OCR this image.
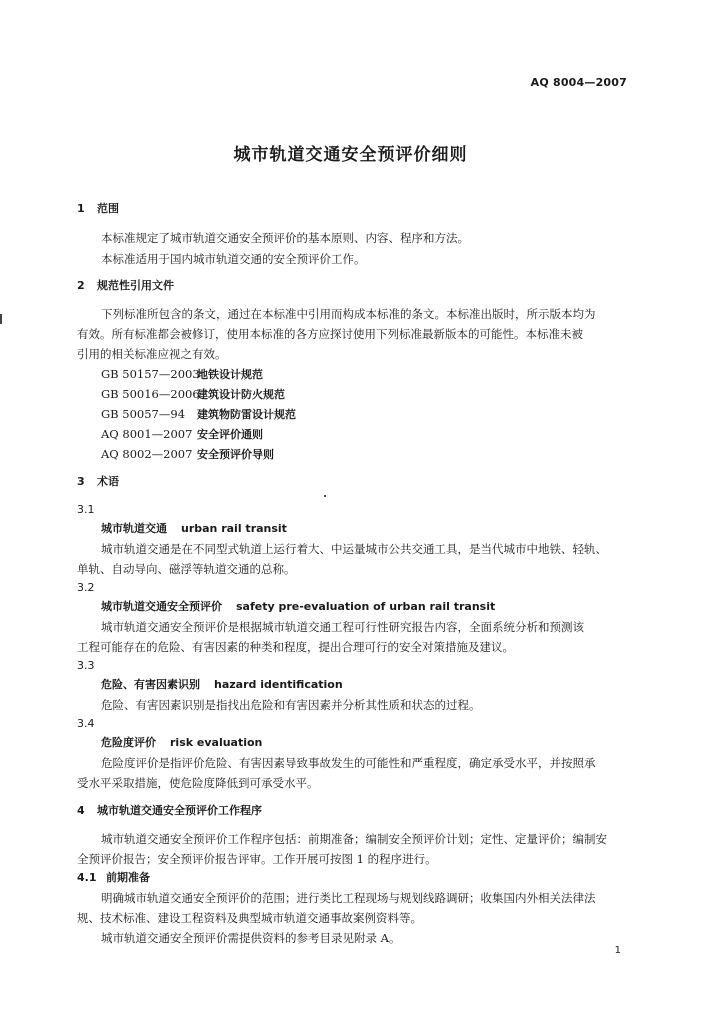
AQ 8004—2007
城市轨道交通安全预评价细则
1 范围
本标准规定了城市轨道交通安全预评价的基本原则、内容、程序和方法。
本标准适用于国内城市轨道交通的安全预评价工作。
2 规范性引用文件
下列标准所包含的条文，通过在本标准中引用而构成本标准的条文。本标准出版时，所示版本均为
有效。所有标准都会被修订，使用本标准的各方应探讨使用下列标准最新版本的可能性。本标准未被
引用的相关标准应视之有效。
GB 50157—2003地铁设计规范
GB 50016—2006建筑设计防火规范
GB 50057—94 建筑物防雷设计规范
AQ 8001—2007 安全评价通则
AQ 8002—2007 安全预评价导则
3 术语
3.1
城市轨道交通 urban rail transit
城市轨道交通是在不同型式轨道上运行着大、中运量城市公共交通工具，是当代城市中地铁、轻轨、
单轨、自动导向、磁浮等轨道交通的总称。
3.2
城市轨道交通安全预评价 safety pre-evaluation of urban rail transit
城市轨道交通安全预评价是根据城市轨道交通工程可行性研究报告内容，全面系统分析和预测该
工程可能存在的危险、有害因素的种类和程度，提出合理可行的安全对策措施及建议。
3.3
危险、有害因素识别 hazard identification
危险、有害因素识别是指找出危险和有害因素并分析其性质和状态的过程。
3.4
危险度评价 risk evaluation
危险度评价是指评价危险、有害因素导致事故发生的可能性和严重程度，确定承受水平，并按照承
受水平采取措施，使危险度降低到可承受水平。
4 城市轨道交通安全预评价工作程序
城市轨道交通安全预评价工作程序包括：前期准备；编制安全预评价计划；定性、定量评价；编制安
全预评价报告；安全预评价报告评审。工作开展可按图 1 的程序进行。
4.1 前期准备
明确城市轨道交通安全预评价的范围；进行类比工程现场与规划线路调研；收集国内外相关法律法
规、技术标准、建设工程资料及典型城市轨道交通事故案例资料等。
城市轨道交通安全预评价需提供资料的参考目录见附录 A。
1
